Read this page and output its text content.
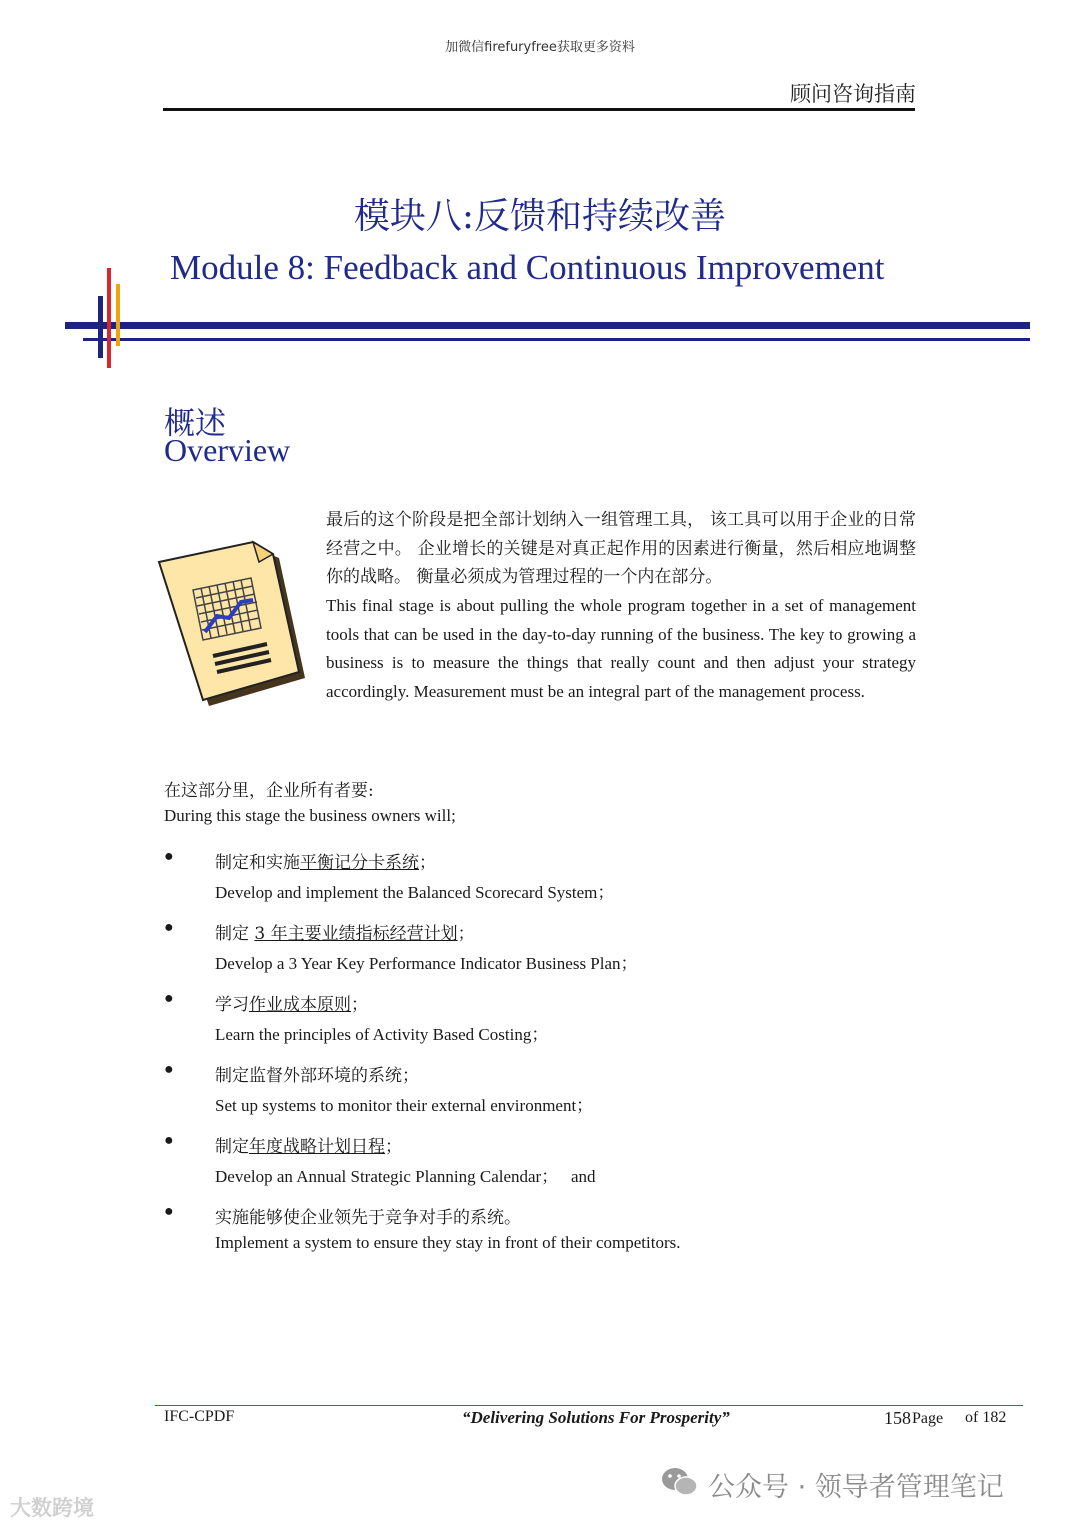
加微信firefuryfree获取更多资料
顾问咨询指南
模块八:反馈和持续改善
Module 8: Feedback and Continuous Improvement
概述
Overview
最后的这个阶段是把全部计划纳入一组管理工具， 该工具可以用于企业的日常经营之中。 企业增长的关键是对真正起作用的因素进行衡量，然后相应地调整你的战略。 衡量必须成为管理过程的一个内在部分。
This final stage is about pulling the whole program together in a set of management tools that can be used in the day-to-day running of the business. The key to growing a business is to measure the things that really count and then adjust your strategy accordingly. Measurement must be an integral part of the management process.
在这部分里，企业所有者要:
During this stage the business owners will;
● 制定和实施平衡记分卡系统；
Develop and implement the Balanced Scorecard System；
● 制定 3 年主要业绩指标经营计划；
Develop a 3 Year Key Performance Indicator Business Plan；
● 学习作业成本原则；
Learn the principles of Activity Based Costing；
● 制定监督外部环境的系统；
Set up systems to monitor their external environment；
● 制定年度战略计划日程；
Develop an Annual Strategic Planning Calendar；   and
● 实施能够使企业领先于竞争对手的系统。
Implement a system to ensure they stay in front of their competitors.
IFC-CPDF	“Delivering Solutions For Prosperity”	158 Page of 182
大数跨境
公众号 · 领导者管理笔记
